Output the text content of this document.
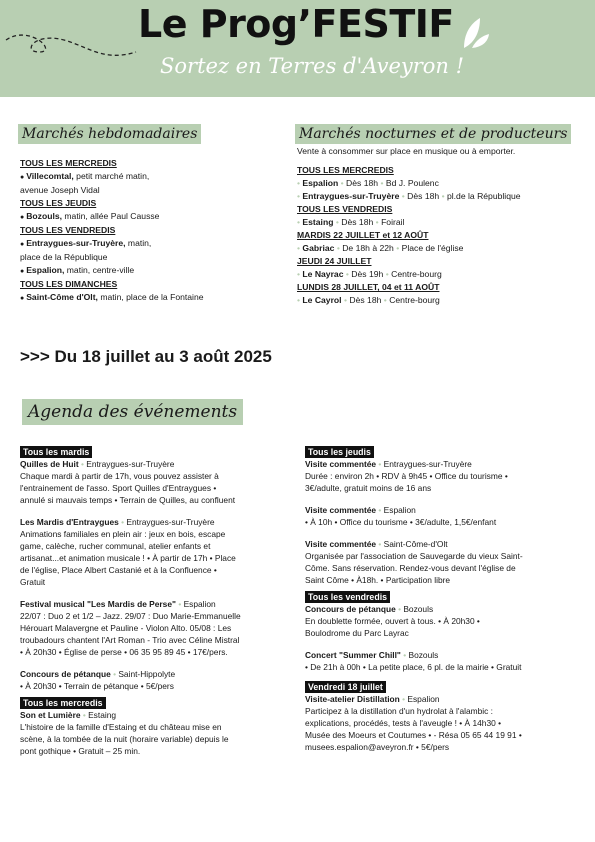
Le Prog’FESTIF
Sortez en Terres d'Aveyron !
Marchés hebdomadaires
TOUS LES MERCREDIS
● Villecomtal, petit marché matin,
avenue Joseph Vidal
TOUS LES JEUDIS
● Bozouls, matin, allée Paul Causse
TOUS LES VENDREDIS
● Entraygues-sur-Truyère, matin,
place de la République
● Espalion, matin, centre-ville
TOUS LES DIMANCHES
● Saint-Côme d'Olt, matin, place de la Fontaine
Marchés nocturnes et de producteurs
Vente à consommer sur place en musique ou à emporter.
TOUS LES MERCREDIS
• Espalion • Dès 18h • Bd J. Poulenc
• Entraygues-sur-Truyère • Dès 18h • pl.de la République
TOUS LES VENDREDIS
• Estaing • Dès 18h • Foirail
MARDIS 22 JUILLET et 12 AOÛT
• Gabriac • De 18h à 22h • Place de l'église
JEUDI 24 JUILLET
• Le Nayrac • Dès 19h • Centre-bourg
LUNDIS 28 JUILLET, 04 et 11 AOÛT
• Le Cayrol • Dès 18h • Centre-bourg
>>> Du 18 juillet au 3 août 2025
Agenda des événements
Tous les mardis
Quilles de Huit • Entraygues-sur-Truyère
Chaque mardi à partir de 17h, vous pouvez assister à
l'entrainement de l'asso. Sport Quilles d'Entraygues •
annulé si mauvais temps • Terrain de Quilles, au confluent
Les Mardis d'Entraygues • Entraygues-sur-Truyère
Animations familiales en plein air : jeux en bois, escape
game, calèche, rucher communal, atelier enfants et
artisanat...et animation musicale ! • À partir de 17h • Place
de l'église, Place Albert Castanié et à la Confluence •
Gratuit
Festival musical "Les Mardis de Perse" • Espalion
22/07 : Duo 2 et 1/2 – Jazz. 29/07 : Duo Marie-Emmanuelle
Hérouart Malavergne et Pauline - Violon Alto. 05/08 : Les
troubadours chantent l'Art Roman - Trio avec Céline Mistral
• À 20h30 • Église de perse • 06 35 95 89 45 • 17€/pers.
Concours de pétanque • Saint-Hippolyte
• À 20h30 • Terrain de pétanque • 5€/pers
Tous les mercredis
Son et Lumière • Estaing
L'histoire de la famille d'Estaing et du château mise en
scène, à la tombée de la nuit (horaire variable) depuis le
pont gothique • Gratuit – 25 min.
Tous les jeudis
Visite commentée • Entraygues-sur-Truyère
Durée : environ 2h • RDV à 9h45 • Office du tourisme •
3€/adulte, gratuit moins de 16 ans
Visite commentée • Espalion
• À 10h • Office du tourisme • 3€/adulte, 1,5€/enfant
Visite commentée • Saint-Côme-d'Olt
Organisée par l'association de Sauvegarde du vieux Saint-
Côme. Sans réservation. Rendez-vous devant l'église de
Saint Côme • À18h. • Participation libre
Tous les vendredis
Concours de pétanque • Bozouls
En doublette formée, ouvert à tous. • À 20h30 •
Boulodrome du Parc Layrac
Concert "Summer Chill" • Bozouls
• De 21h à 00h • La petite place, 6 pl. de la mairie • Gratuit
Vendredi 18 juillet
Visite-atelier Distillation • Espalion
Participez à la distillation d'un hydrolat à l'alambic :
explications, procédés, tests à l'aveugle ! • À 14h30 •
Musée des Moeurs et Coutumes • - Résa 05 65 44 19 91 •
musees.espalion@aveyron.fr • 5€/pers
